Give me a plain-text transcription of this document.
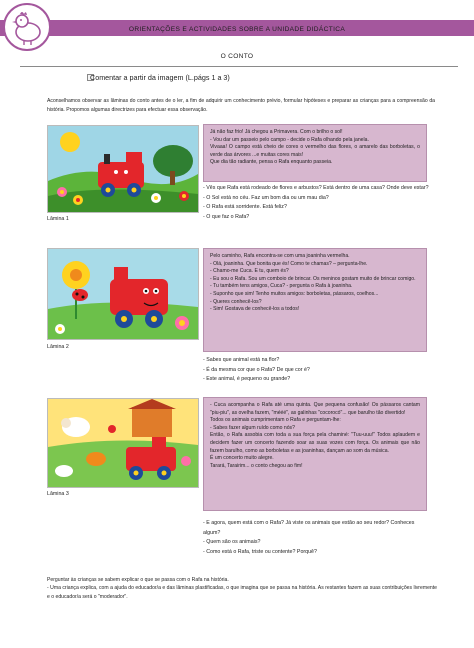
ORIENTAÇÕES E ACTIVIDADES SOBRE A UNIDADE DIDÁCTICA
O CONTO
Comentar a partir da imagem (L.págs 1 a 3)
Aconselhamos observar as lâminas do conto antes de o ler, a fim de adquirir um conhecimento prévio, formular hipóteses e preparar as crianças para a compreensão da história. Propomos algumas directrizes para efectuar essa observação.
Lâmina 1

Já não faz frio! Já chegou a Primavera. Com o brilho o sol!

- Vou dar um passeio pelo campo - decide o Rafa olhando pela janela.

Vivaaa! O campo está cheio de cores o vermelho das flores, o amarelo das borboletas, o verde das árvores ...e muitas cores mais!

Que dia tão radiante, pensa o Rafa enquanto passeia.

- Vês que Rafa está rodeado de flores e arbustos? Está dentro de uma casa? Onde deve estar?

- O Sol está no céu. Faz um bom dia ou um mau dia?

- O Rafa está sorridente. Está feliz?

- O que faz o Rafa?

Lâmina 2

Pelo caminho, Rafa encontra-se com uma joaninha vermelha.

- Olá, joaninha. Que bonita que és! Como te chamas? – pergunta-lhe.

- Chamo-me Cuca. E tu, quem és?

- Eu sou o Rafa. Sou um comboio de brincar. Os meninos gostam muito de brincar comigo.

- Tu também tens amigos, Cuca? - pergunta o Rafa à joaninha.

- Suponho que sim! Tenho muitos amigos: borboletas, pássaros, coelhos...

- Queres conhecê-los?

- Sim! Gostava de conhecê-los a todos!

- Sabes que animal está na flor?

- É da mesma cor que o Rafa? De que cor é?

- Este animal, é pequeno ou grande?

Lâmina 3

- Cuca acompanha o Rafa até uma quinta. Que pequena confusão! Os pássaros cantam "piu-piu", as ovelha fazem, "mééé", as galinhas "cocorocó"... que barulho tão divertido!

Todos os animais cumprimentam o Rafa e perguntam-lhe:

- Sabes fazer algum ruído como nós?

Então, o Rafa assobia com toda a sua força pela chaminé: "Tuu-uuu!" Todos aplaudem e decidem fazer um concerto fazendo soar as suas vozes com força. Os animais que não fazem barulho, como as borboletas e as joaninhas, dançam ao som da música.

É um concerto muito alegre.

Tarará, Tarairim... o conto chegou ao fim!

- E agora, quem está com o Rafa? Já viste os animais que estão ao seu redor? Conheces algum?

- Quem são os animais?

- Como está o Rafa, triste ou contente? Porquê?

Perguntar às crianças se sabem explicar o que se passa com o Rafa na história.

- Uma criança explica, com a ajuda do educador/a e das lâminas plastificadas, o que imagina que se passa na história. As restantes fazem as suas contribuições livremente e o educador/a será o "moderador".
